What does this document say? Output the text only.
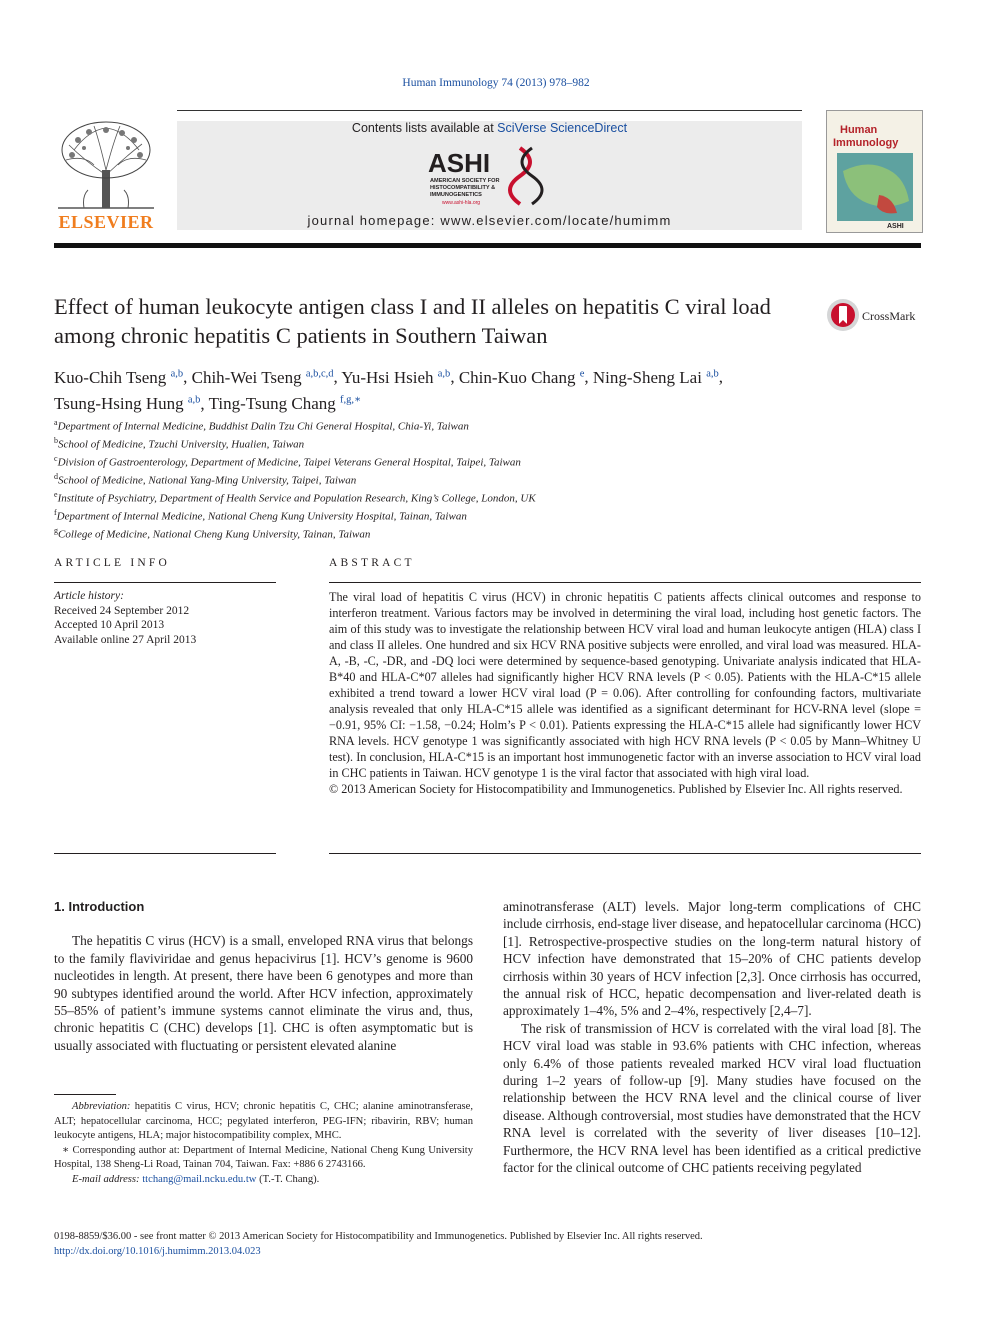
Human Immunology 74 (2013) 978–982
ELSEVIER
Contents lists available at SciVerse ScienceDirect
ASHI
AMERICAN SOCIETY FOR
HISTOCOMPATIBILITY &
IMMUNOGENETICS
www.ashi-hla.org
journal homepage: www.elsevier.com/locate/humimm
Human
Immunology
ASHI
Effect of human leukocyte antigen class I and II alleles on hepatitis C viral load among chronic hepatitis C patients in Southern Taiwan
CrossMark
Kuo-Chih Tseng $^{a,b}$, Chih-Wei Tseng $^{a,b,c,d}$, Yu-Hsi Hsieh $^{a,b}$, Chin-Kuo Chang $^e$, Ning-Sheng Lai $^{a,b}$,
Tsung-Hsing Hung $^{a,b}$, Ting-Tsung Chang $^{f,g,∗}$
$^a$Department of Internal Medicine, Buddhist Dalin Tzu Chi General Hospital, Chia-Yi, Taiwan
$^b$School of Medicine, Tzuchi University, Hualien, Taiwan
$^c$Division of Gastroenterology, Department of Medicine, Taipei Veterans General Hospital, Taipei, Taiwan
$^d$School of Medicine, National Yang-Ming University, Taipei, Taiwan
$^e$Institute of Psychiatry, Department of Health Service and Population Research, King’s College, London, UK
$^f$Department of Internal Medicine, National Cheng Kung University Hospital, Tainan, Taiwan
$^g$College of Medicine, National Cheng Kung University, Tainan, Taiwan
ARTICLE INFO	ABSTRACT
Article history:
Received 24 September 2012
Accepted 10 April 2013
Available online 27 April 2013
The viral load of hepatitis C virus (HCV) in chronic hepatitis C patients affects clinical outcomes and response to interferon treatment. Various factors may be involved in determining the viral load, including host genetic factors. The aim of this study was to investigate the relationship between HCV viral load and human leukocyte antigen (HLA) class I and class II alleles. One hundred and six HCV RNA positive subjects were enrolled, and viral load was measured. HLA-A, -B, -C, -DR, and -DQ loci were determined by sequence-based genotyping. Univariate analysis indicated that HLA-B*40 and HLA-C*07 alleles had significantly higher HCV RNA levels (P < 0.05). Patients with the HLA-C*15 allele exhibited a trend toward a lower HCV viral load (P = 0.06). After controlling for confounding factors, multivariate analysis revealed that only HLA-C*15 allele was identified as a significant determinant for HCV-RNA level (slope = −0.91, 95% CI: −1.58, −0.24; Holm’s P < 0.01). Patients expressing the HLA-C*15 allele had significantly lower HCV RNA levels. HCV genotype 1 was significantly associated with high HCV RNA levels (P < 0.05 by Mann–Whitney U test). In conclusion, HLA-C*15 is an important host immunogenetic factor with an inverse association to HCV viral load in CHC patients in Taiwan. HCV genotype 1 is the viral factor that associated with high viral load.
© 2013 American Society for Histocompatibility and Immunogenetics. Published by Elsevier Inc. All rights reserved.

1. Introduction

The hepatitis C virus (HCV) is a small, enveloped RNA virus that belongs to the family flaviviridae and genus hepacivirus [1]. HCV’s genome is 9600 nucleotides in length. At present, there have been 6 genotypes and more than 90 subtypes identified around the world. After HCV infection, approximately 55–85% of patient’s immune systems cannot eliminate the virus and, thus, chronic hepatitis C (CHC) develops [1]. CHC is often asymptomatic but is usually associated with fluctuating or persistent elevated alanine

aminotransferase (ALT) levels. Major long-term complications of CHC include cirrhosis, end-stage liver disease, and hepatocellular carcinoma (HCC) [1]. Retrospective-prospective studies on the long-term natural history of HCV infection have demonstrated that 15–20% of CHC patients develop cirrhosis within 30 years of HCV infection [2,3]. Once cirrhosis has occurred, the annual risk of HCC, hepatic decompensation and liver-related death is approximately 1–4%, 5% and 2–4%, respectively [2,4–7].

The risk of transmission of HCV is correlated with the viral load [8]. The HCV viral load was stable in 93.6% patients with CHC infection, whereas only 6.4% of those patients revealed marked HCV viral load fluctuation during 1–2 years of follow-up [9]. Many studies have focused on the relationship between the HCV RNA level and the clinical course of liver disease. Although controversial, most studies have demonstrated that the HCV RNA level is correlated with the severity of liver diseases [10–12]. Furthermore, the HCV RNA level has been identified as a critical predictive factor for the clinical outcome of CHC patients receiving pegylated

Abbreviation: hepatitis C virus, HCV; chronic hepatitis C, CHC; alanine aminotransferase, ALT; hepatocellular carcinoma, HCC; pegylated interferon, PEG-IFN; ribavirin, RBV; human leukocyte antigens, HLA; major histocompatibility complex, MHC.

∗ Corresponding author at: Department of Internal Medicine, National Cheng Kung University Hospital, 138 Sheng-Li Road, Tainan 704, Taiwan. Fax: +886 6 2743166.

E-mail address: ttchang@mail.ncku.edu.tw (T.-T. Chang).

0198-8859/$36.00 - see front matter © 2013 American Society for Histocompatibility and Immunogenetics. Published by Elsevier Inc. All rights reserved.
http://dx.doi.org/10.1016/j.humimm.2013.04.023
